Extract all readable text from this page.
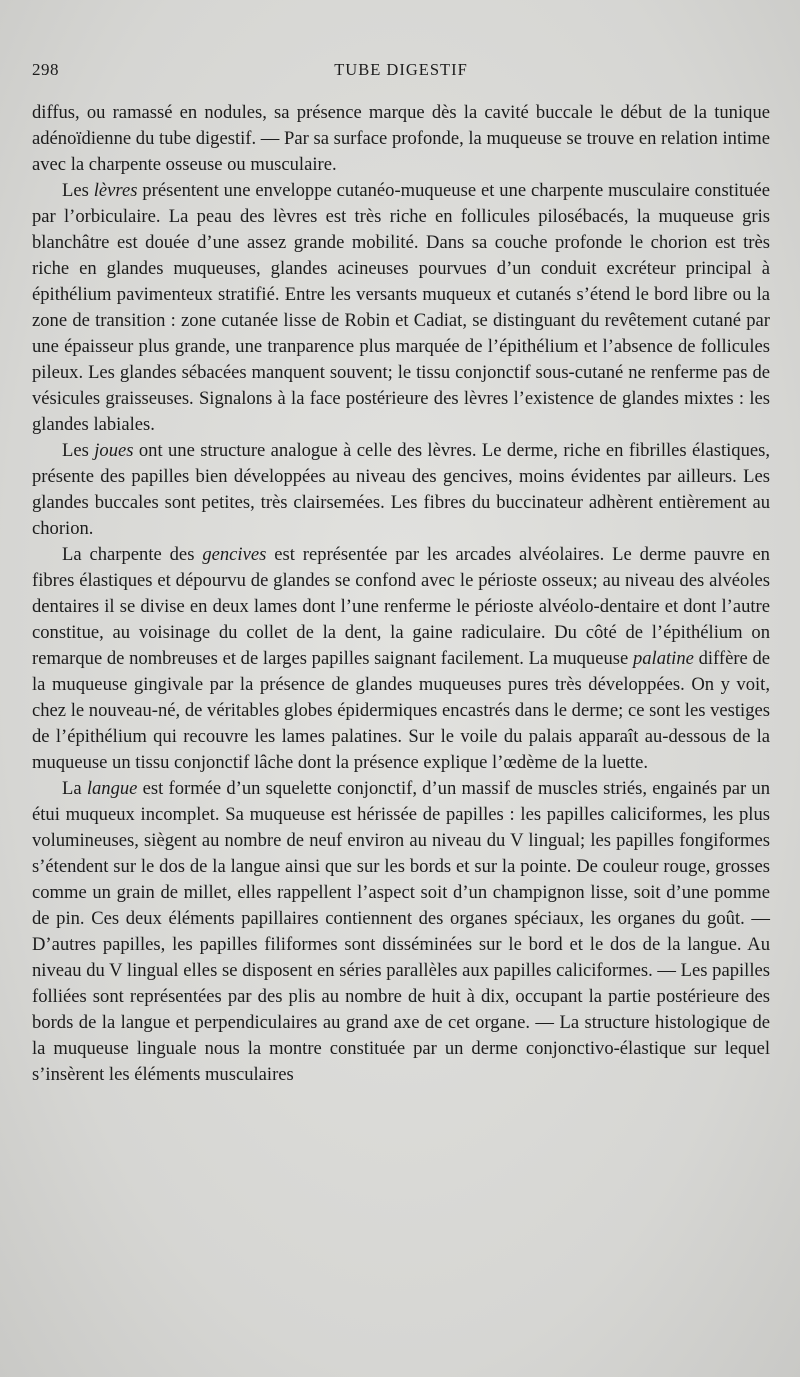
298	TUBE DIGESTIF

diffus, ou ramassé en nodules, sa présence marque dès la cavité buccale le début de la tunique adénoïdienne du tube digestif. — Par sa surface profonde, la muqueuse se trouve en relation intime avec la charpente osseuse ou musculaire.

Les lèvres présentent une enveloppe cutanéo-muqueuse et une charpente musculaire constituée par l’orbiculaire. La peau des lèvres est très riche en follicules pilosébacés, la muqueuse gris blanchâtre est douée d’une assez grande mobilité. Dans sa couche profonde le chorion est très riche en glandes muqueuses, glandes acineuses pourvues d’un conduit excréteur principal à épithélium pavimenteux stratifié. Entre les versants muqueux et cutanés s’étend le bord libre ou la zone de transition : zone cutanée lisse de Robin et Cadiat, se distinguant du revêtement cutané par une épaisseur plus grande, une tranparence plus marquée de l’épithélium et l’absence de follicules pileux. Les glandes sébacées manquent souvent; le tissu conjonctif sous-cutané ne renferme pas de vésicules graisseuses. Signalons à la face postérieure des lèvres l’existence de glandes mixtes : les glandes labiales.

Les joues ont une structure analogue à celle des lèvres. Le derme, riche en fibrilles élastiques, présente des papilles bien développées au niveau des gencives, moins évidentes par ailleurs. Les glandes buccales sont petites, très clairsemées. Les fibres du buccinateur adhèrent entièrement au chorion.

La charpente des gencives est représentée par les arcades alvéolaires. Le derme pauvre en fibres élastiques et dépourvu de glandes se confond avec le périoste osseux; au niveau des alvéoles dentaires il se divise en deux lames dont l’une renferme le périoste alvéolo-dentaire et dont l’autre constitue, au voisinage du collet de la dent, la gaine radiculaire. Du côté de l’épithélium on remarque de nombreuses et de larges papilles saignant facilement. La muqueuse palatine diffère de la muqueuse gingivale par la présence de glandes muqueuses pures très développées. On y voit, chez le nouveau-né, de véritables globes épidermiques encastrés dans le derme; ce sont les vestiges de l’épithélium qui recouvre les lames palatines. Sur le voile du palais apparaît au-dessous de la muqueuse un tissu conjonctif lâche dont la présence explique l’œdème de la luette.

La langue est formée d’un squelette conjonctif, d’un massif de muscles striés, engainés par un étui muqueux incomplet. Sa muqueuse est hérissée de papilles : les papilles caliciformes, les plus volumineuses, siègent au nombre de neuf environ au niveau du V lingual; les papilles fongiformes s’étendent sur le dos de la langue ainsi que sur les bords et sur la pointe. De couleur rouge, grosses comme un grain de millet, elles rappellent l’aspect soit d’un champignon lisse, soit d’une pomme de pin. Ces deux éléments papillaires contiennent des organes spéciaux, les organes du goût. — D’autres papilles, les papilles filiformes sont disséminées sur le bord et le dos de la langue. Au niveau du V lingual elles se disposent en séries parallèles aux papilles caliciformes. — Les papilles folliées sont représentées par des plis au nombre de huit à dix, occupant la partie postérieure des bords de la langue et perpendiculaires au grand axe de cet organe. — La structure histologique de la muqueuse linguale nous la montre constituée par un derme conjonctivo-élastique sur lequel s’insèrent les éléments musculaires
